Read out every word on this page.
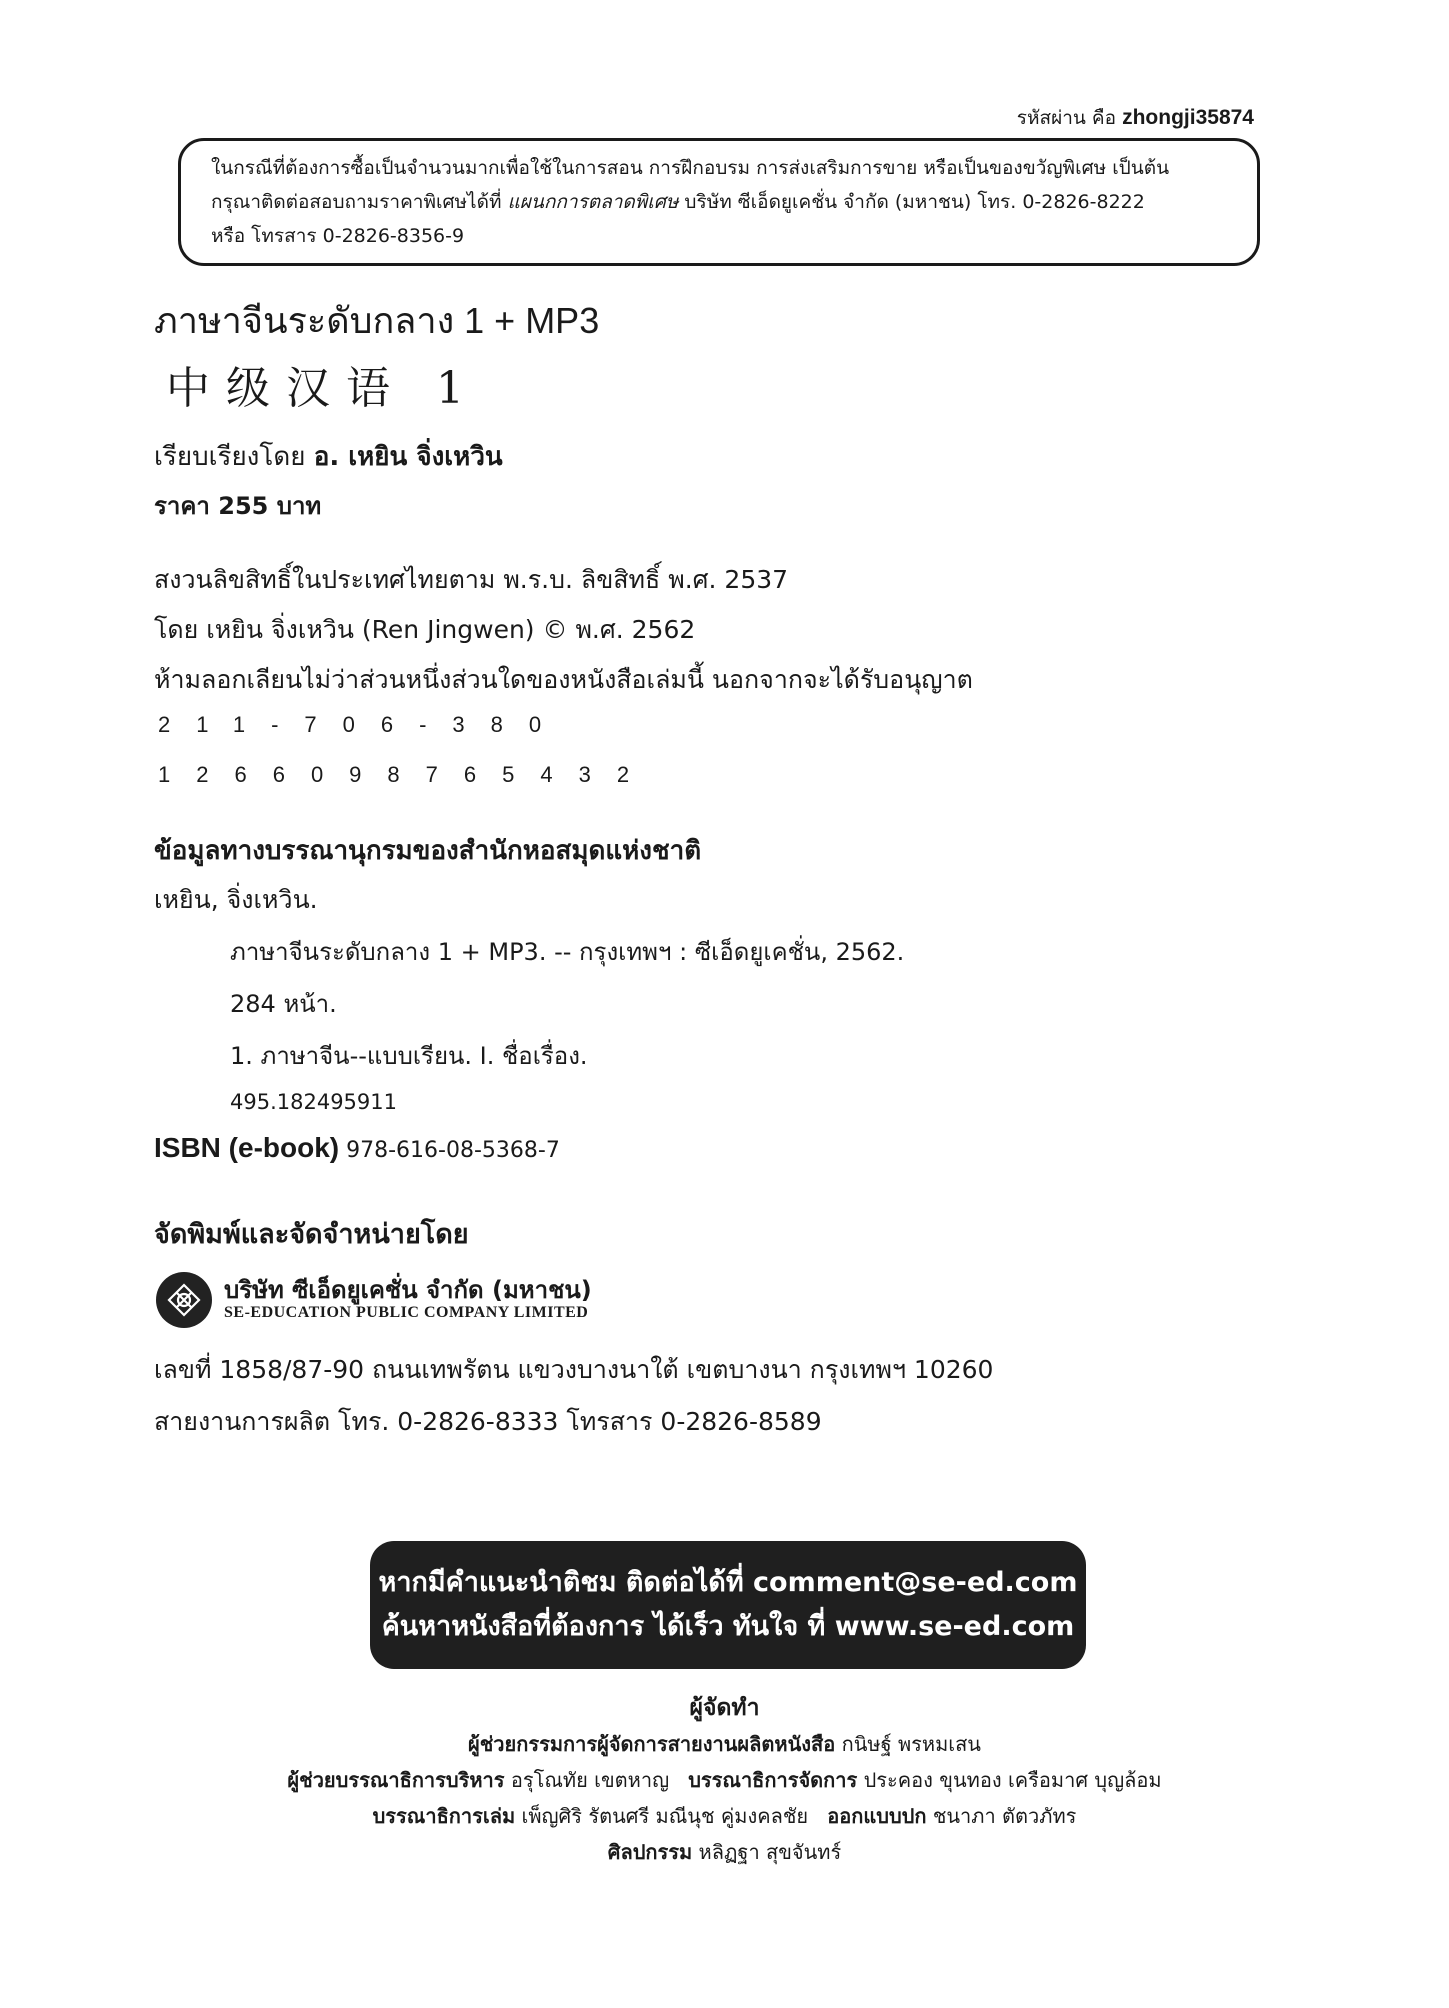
รหัสผ่าน คือ zhongji35874
ในกรณีที่ต้องการซื้อเป็นจำนวนมากเพื่อใช้ในการสอน การฝึกอบรม การส่งเสริมการขาย หรือเป็นของขวัญพิเศษ เป็นต้น
กรุณาติดต่อสอบถามราคาพิเศษได้ที่ แผนกการตลาดพิเศษ บริษัท ซีเอ็ดยูเคชั่น จำกัด (มหาชน) โทร. 0-2826-8222
หรือ โทรสาร 0-2826-8356-9
ภาษาจีนระดับกลาง 1 + MP3
中级汉语 1
เรียบเรียงโดย อ. เหยิน จิ่งเหวิน
ราคา 255 บาท
สงวนลิขสิทธิ์ในประเทศไทยตาม พ.ร.บ. ลิขสิทธิ์ พ.ศ. 2537
โดย เหยิน จิ่งเหวิน (Ren Jingwen) © พ.ศ. 2562
ห้ามลอกเลียนไม่ว่าส่วนหนึ่งส่วนใดของหนังสือเล่มนี้ นอกจากจะได้รับอนุญาต
211-706-380
1266098765432
ข้อมูลทางบรรณานุกรมของสำนักหอสมุดแห่งชาติ
เหยิน, จิ่งเหวิน.
ภาษาจีนระดับกลาง 1 + MP3. -- กรุงเทพฯ : ซีเอ็ดยูเคชั่น, 2562.
284 หน้า.
1. ภาษาจีน--แบบเรียน. I. ชื่อเรื่อง.
495.182495911
ISBN (e-book) 978-616-08-5368-7
จัดพิมพ์และจัดจำหน่ายโดย
บริษัท ซีเอ็ดยูเคชั่น จำกัด (มหาชน)
SE-EDUCATION PUBLIC COMPANY LIMITED
เลขที่ 1858/87-90 ถนนเทพรัตน แขวงบางนาใต้ เขตบางนา กรุงเทพฯ 10260
สายงานการผลิต โทร. 0-2826-8333 โทรสาร 0-2826-8589
หากมีคำแนะนำติชม ติดต่อได้ที่ comment@se-ed.com
ค้นหาหนังสือที่ต้องการ ได้เร็ว ทันใจ ที่ www.se-ed.com
ผู้จัดทำ
ผู้ช่วยกรรมการผู้จัดการสายงานผลิตหนังสือ กนิษฐ์ พรหมเสน
ผู้ช่วยบรรณาธิการบริหาร อรุโณทัย เขตหาญ บรรณาธิการจัดการ ประคอง ขุนทอง เครือมาศ บุญล้อม
บรรณาธิการเล่ม เพ็ญศิริ รัตนศรี มณีนุช คู่มงคลชัย ออกแบบปก ชนาภา ตัตวภัทร
ศิลปกรรม หลิฏฐา สุขจันทร์
